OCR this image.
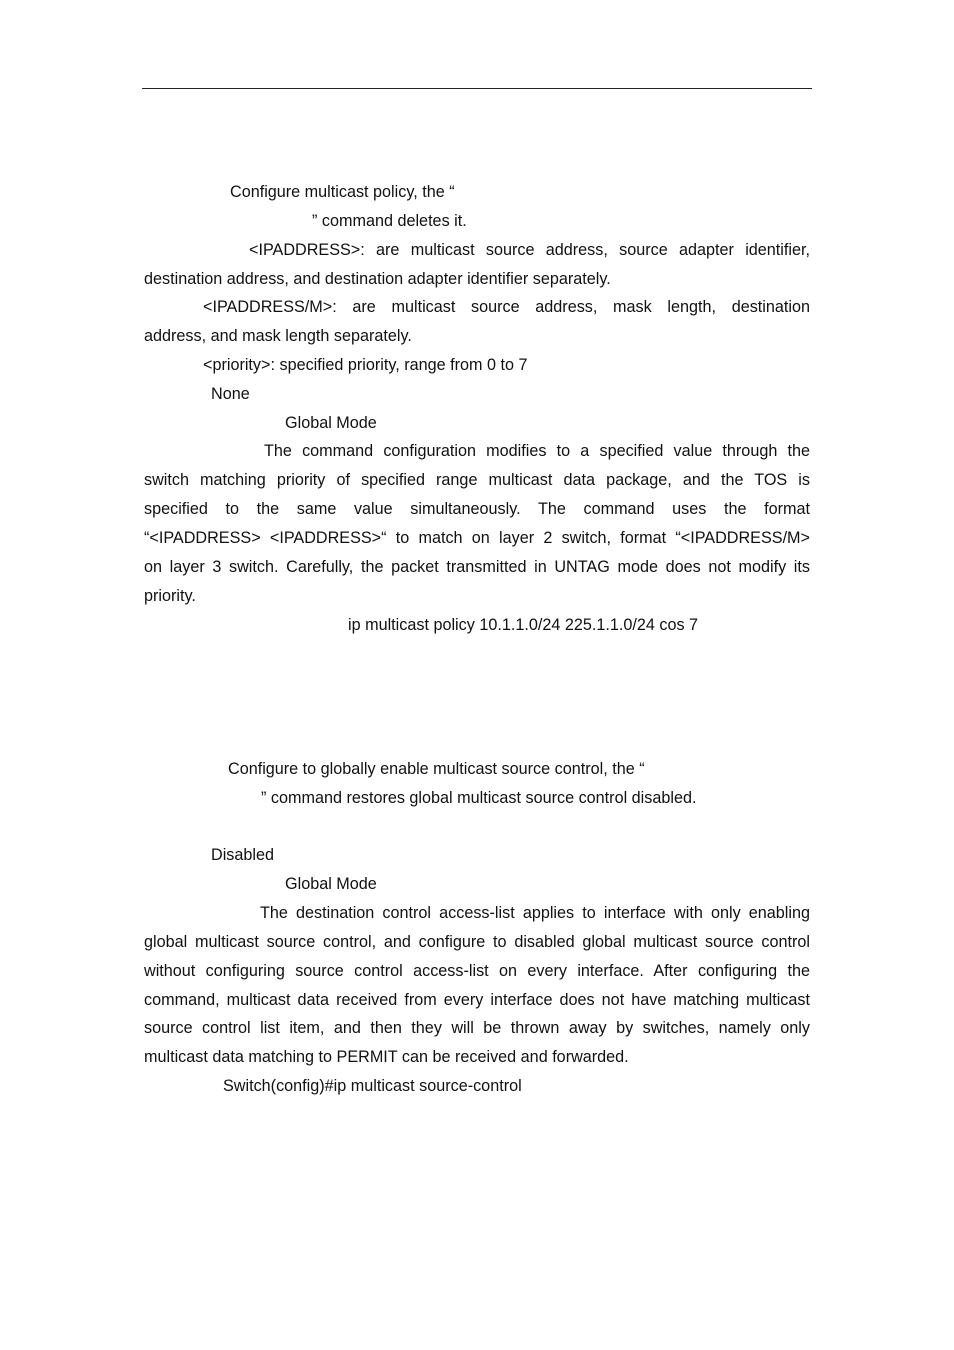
Configure multicast policy, the “
” command deletes it.
<IPADDRESS>: are multicast source address, source adapter identifier,
destination address, and destination adapter identifier separately.
<IPADDRESS/M>: are multicast source address, mask length, destination
address, and mask length separately.
<priority>: specified priority, range from 0 to 7
None
Global Mode
The command configuration modifies to a specified value through the
switch matching priority of specified range multicast data package, and the TOS is
specified to the same value simultaneously. The command uses the format
“<IPADDRESS> <IPADDRESS>“ to match on layer 2 switch, format “<IPADDRESS/M>
on layer 3 switch. Carefully, the packet transmitted in UNTAG mode does not modify its
priority.
ip multicast policy 10.1.1.0/24 225.1.1.0/24 cos 7
Configure to globally enable multicast source control, the “
” command restores global multicast source control disabled.
Disabled
Global Mode
The destination control access-list applies to interface with only enabling
global multicast source control, and configure to disabled global multicast source control
without configuring source control access-list on every interface. After configuring the
command, multicast data received from every interface does not have matching multicast
source control list item, and then they will be thrown away by switches, namely only
multicast data matching to PERMIT can be received and forwarded.
Switch(config)#ip multicast source-control
